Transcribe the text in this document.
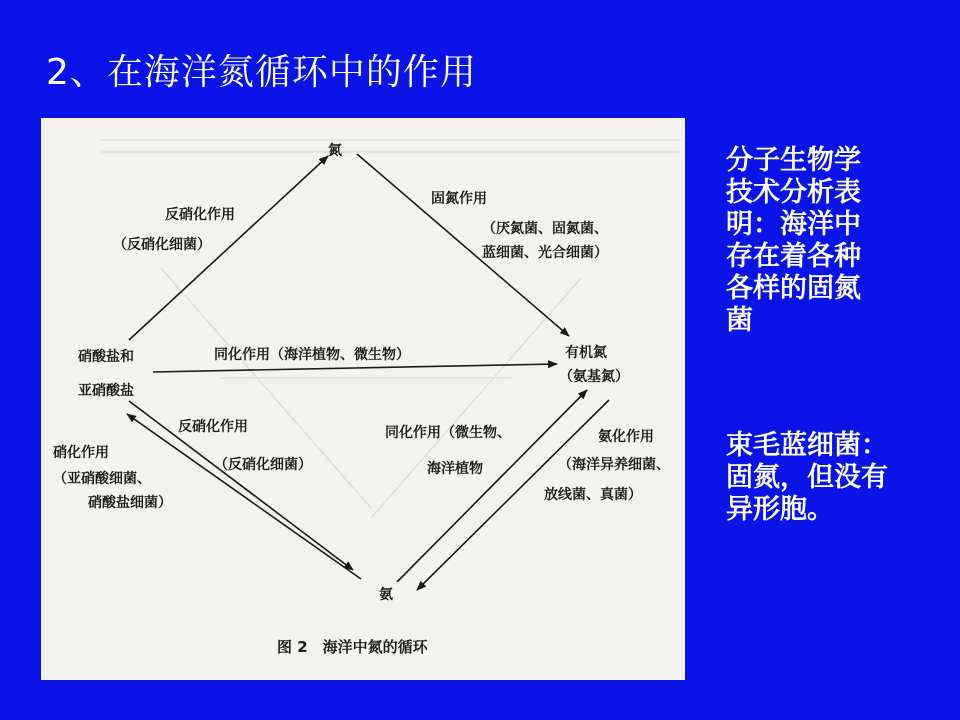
2、在海洋氮循环中的作用
氮
硝酸盐和
亚硝酸盐
有机氮
（氨基氮）
氨
反硝化作用
（反硝化细菌）
固氮作用
（厌氮菌、固氮菌、
蓝细菌、光合细菌）
同化作用（海洋植物、微生物）
反硝化作用
（反硝化细菌）
硝化作用
（亚硝酸细菌、
硝酸盐细菌）
同化作用（微生物、
海洋植物
氨化作用
（海洋异养细菌、
放线菌、真菌）
图 2　海洋中氮的循环
分子生物学
技术分析表
明：海洋中
存在着各种
各样的固氮
菌
束毛蓝细菌：
固氮，但没有
异形胞。
